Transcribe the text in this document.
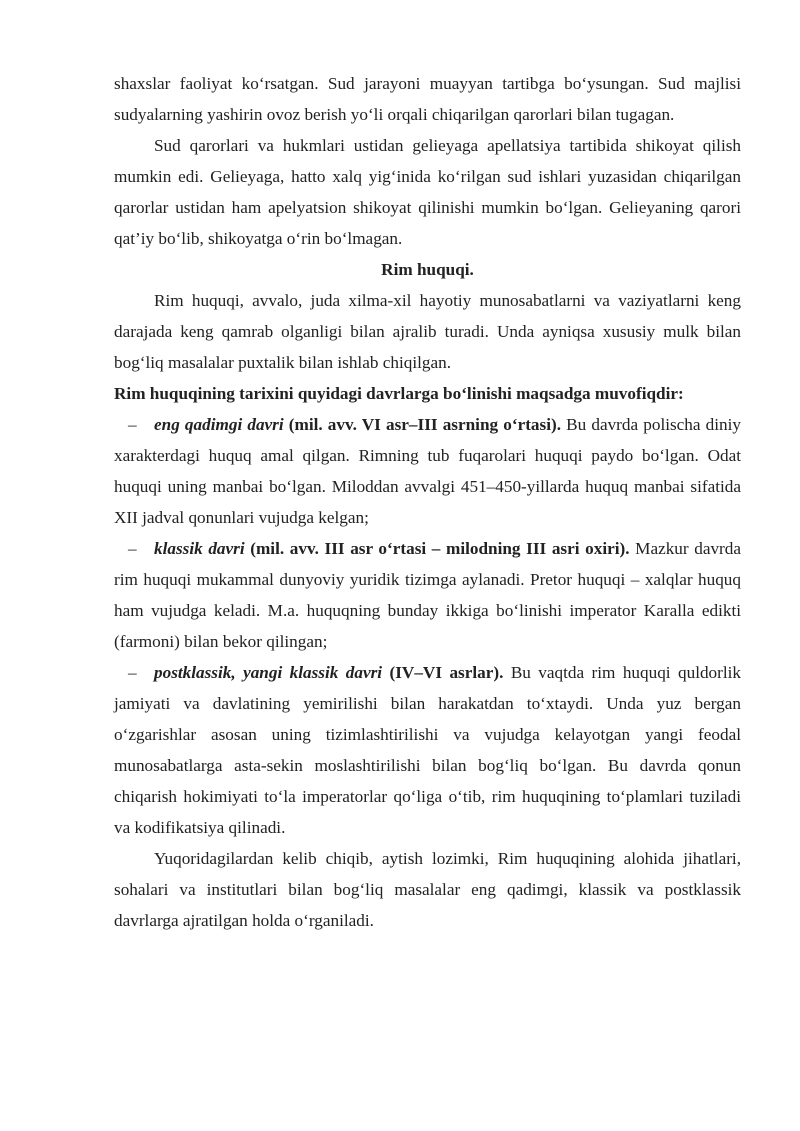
shaxslar faoliyat ko‘rsatgan. Sud jarayoni muayyan tartibga bo‘ysungan. Sud majlisi sudyalarning yashirin ovoz berish yo‘li orqali chiqarilgan qarorlari bilan tugagan.

Sud qarorlari va hukmlari ustidan gelieyaga apellatsiya tartibida shikoyat qilish mumkin edi. Gelieyaga, hatto xalq yig‘inida ko‘rilgan sud ishlari yuzasidan chiqarilgan qarorlar ustidan ham apelyatsion shikoyat qilinishi mumkin bo‘lgan. Gelieyaning qarori qat’iy bo‘lib, shikoyatga o‘rin bo‘lmagan.

Rim huquqi.

Rim huquqi, avvalo, juda xilma-xil hayotiy munosabatlarni va vaziyatlarni keng darajada keng qamrab olganligi bilan ajralib turadi. Unda ayniqsa xususiy mulk bilan bog‘liq masalalar puxtalik bilan ishlab chiqilgan.

Rim huquqining tarixini quyidagi davrlarga bo‘linishi maqsadga muvofiqdir:

– eng qadimgi davri (mil. avv. VI asr–III asrning o‘rtasi). Bu davrda polischa diniy xarakterdagi huquq amal qilgan. Rimning tub fuqarolari huquqi paydo bo‘lgan. Odat huquqi uning manbai bo‘lgan. Miloddan avvalgi 451–450-yillarda huquq manbai sifatida XII jadval qonunlari vujudga kelgan;

– klassik davri (mil. avv. III asr o‘rtasi – milodning III asri oxiri). Mazkur davrda rim huquqi mukammal dunyoviy yuridik tizimga aylanadi. Pretor huquqi – xalqlar huquq ham vujudga keladi. M.a. huquqning bunday ikkiga bo‘linishi imperator Karalla edikti (farmoni) bilan bekor qilingan;

– postklassik, yangi klassik davri (IV–VI asrlar). Bu vaqtda rim huquqi quldorlik jamiyati va davlatining yemirilishi bilan harakatdan to‘xtaydi. Unda yuz bergan o‘zgarishlar asosan uning tizimlashtirilishi va vujudga kelayotgan yangi feodal munosabatlarga asta-sekin moslashtirilishi bilan bog‘liq bo‘lgan. Bu davrda qonun chiqarish hokimiyati to‘la imperatorlar qo‘liga o‘tib, rim huquqining to‘plamlari tuziladi va kodifikatsiya qilinadi.

Yuqoridagilardan kelib chiqib, aytish lozimki, Rim huquqining alohida jihatlari, sohalari va institutlari bilan bog‘liq masalalar eng qadimgi, klassik va postklassik davrlarga ajratilgan holda o‘rganiladi.
